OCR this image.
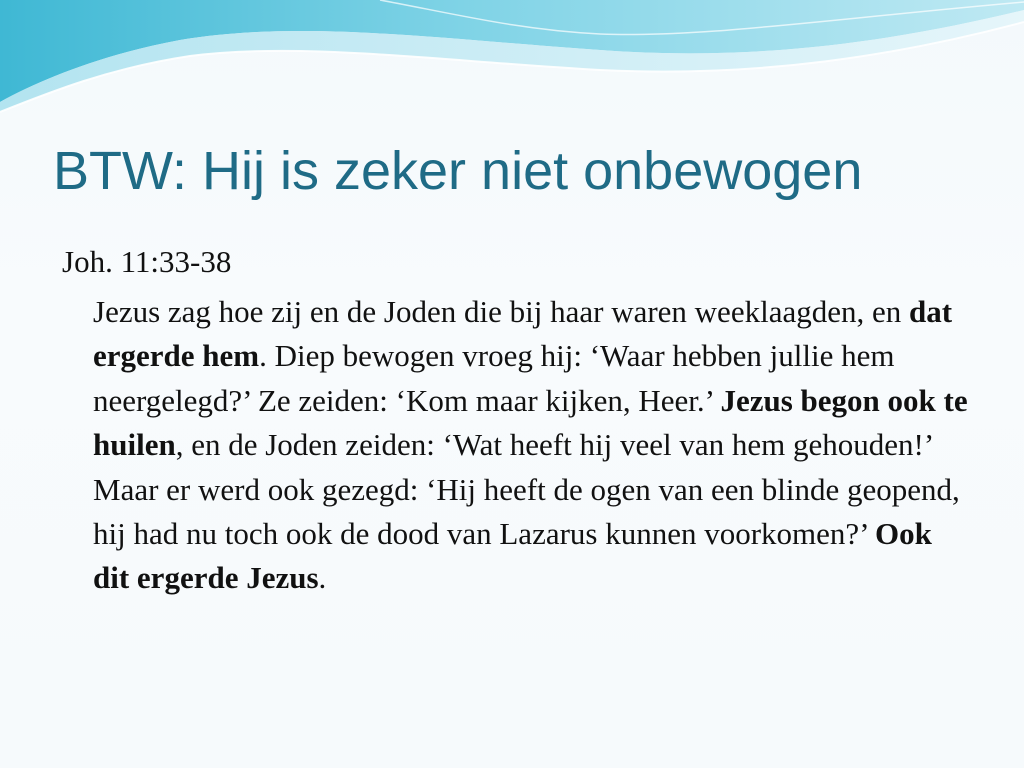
BTW: Hij is zeker niet onbewogen
Joh. 11:33-38

Jezus zag hoe zij en de Joden die bij haar waren weeklaagden, en dat ergerde hem. Diep bewogen vroeg hij: ‘Waar hebben jullie hem neergelegd?’ Ze zeiden: ‘Kom maar kijken, Heer.’ Jezus begon ook te huilen, en de Joden zeiden: ‘Wat heeft hij veel van hem gehouden!’ Maar er werd ook gezegd: ‘Hij heeft de ogen van een blinde geopend, hij had nu toch ook de dood van Lazarus kunnen voorkomen?’ Ook dit ergerde Jezus.
